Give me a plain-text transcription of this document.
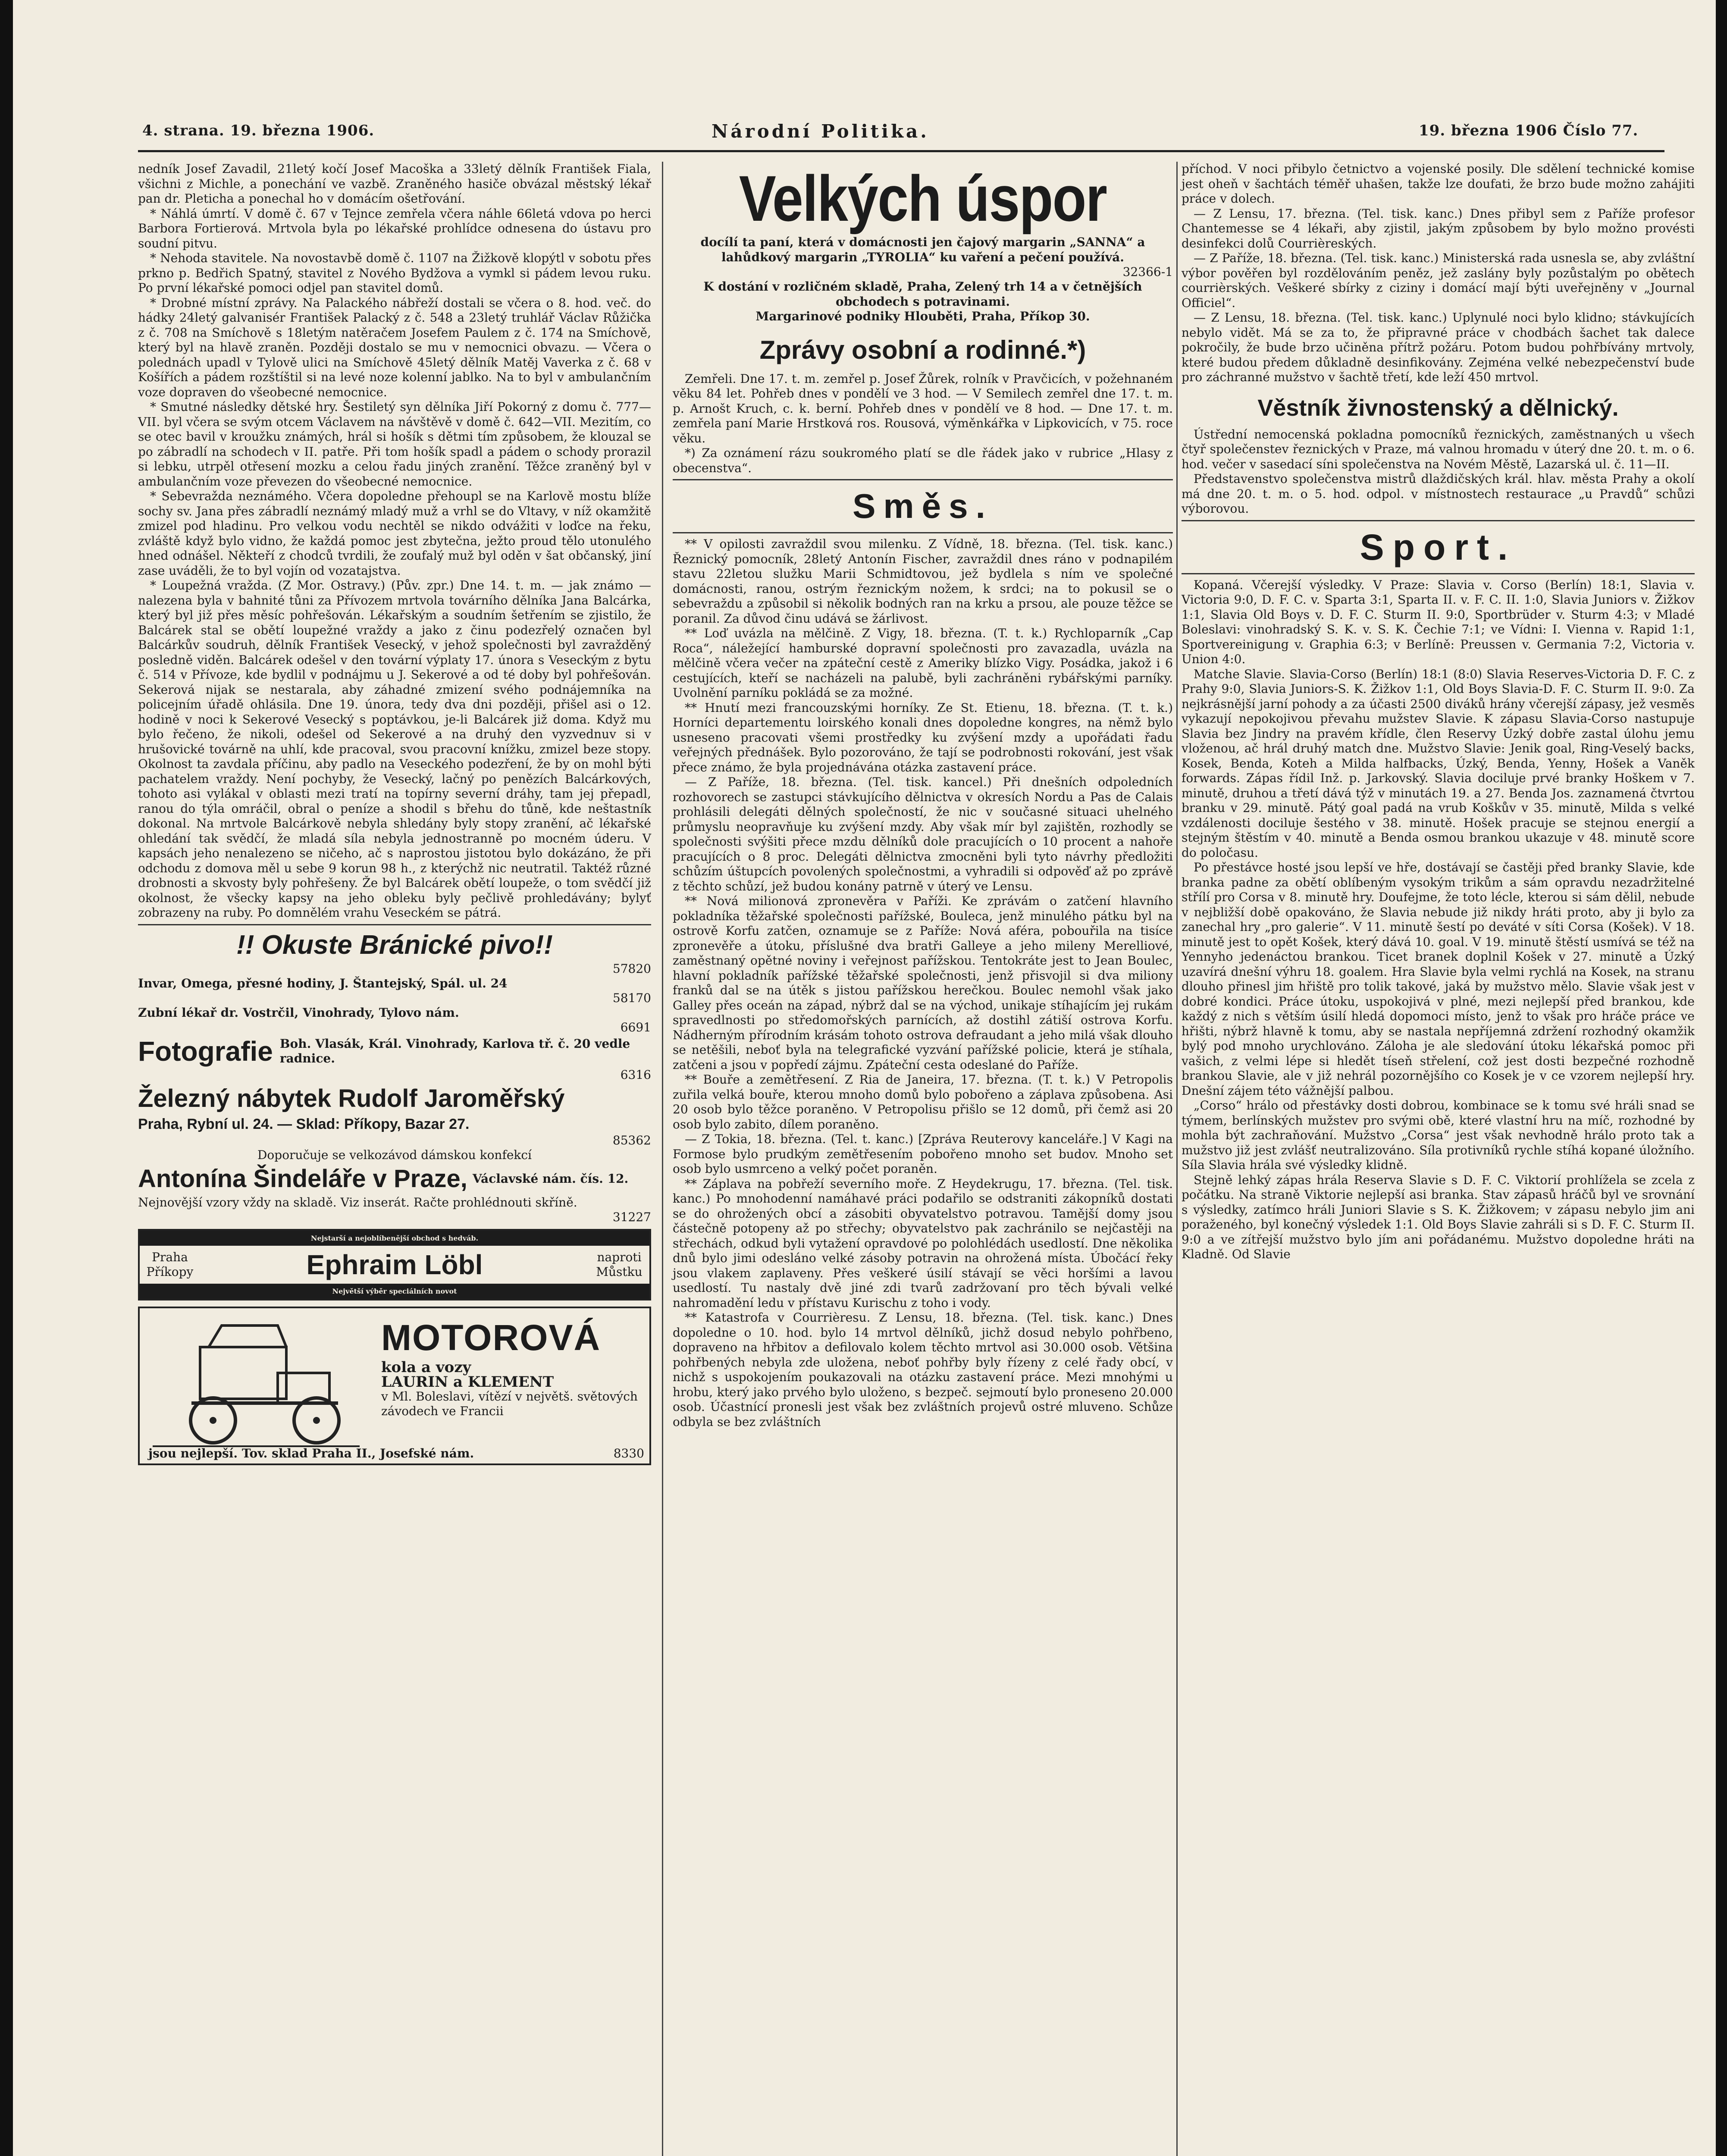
4. strana. 19. března 1906.	Národní Politika.	19. března 1906 Číslo 77.

nedník Josef Zavadil, 21letý kočí Josef Macoška a 33letý dělník František Fiala, všichni z Michle, a ponechání ve vazbě. Zraněného hasiče obvázal městský lékař pan dr. Pleticha a ponechal ho v domácím ošetřování.

* Náhlá úmrtí. V domě č. 67 v Tejnce zemřela včera náhle 66letá vdova po herci Barbora Fortierová. Mrtvola byla po lékařské prohlídce odnesena do ústavu pro soudní pitvu.

* Nehoda stavitele. Na novostavbě domě č. 1107 na Žižkově klopýtl v sobotu přes prkno p. Bedřich Spatný, stavitel z Nového Bydžova a vymkl si pádem levou ruku. Po první lékařské pomoci odjel pan stavitel domů.

* Drobné místní zprávy. Na Palackého nábřeží dostali se včera o 8. hod. več. do hádky 24letý galvanisér František Palacký z č. 548 a 23letý truhlář Václav Růžička z č. 708 na Smíchově s 18letým natěračem Josefem Paulem z č. 174 na Smíchově, který byl na hlavě zraněn. Později dostalo se mu v nemocnici obvazu. — Včera o polednách upadl v Tylově ulici na Smíchově 45letý dělník Matěj Vaverka z č. 68 v Košířích a pádem rozštíštil si na levé noze kolenní jablko. Na to byl v ambulančním voze dopraven do všeobecné nemocnice.

* Smutné následky dětské hry. Šestiletý syn dělníka Jiří Pokorný z domu č. 777—VII. byl včera se svým otcem Václavem na návštěvě v domě č. 642—VII. Mezitím, co se otec bavil v kroužku známých, hrál si hošík s dětmi tím způsobem, že klouzal se po zábradlí na schodech v II. patře. Při tom hošík spadl a pádem o schody prorazil si lebku, utrpěl otřesení mozku a celou řadu jiných zranění. Těžce zraněný byl v ambulančním voze převezen do všeobecné nemocnice.

* Sebevražda neznámého. Včera dopoledne přehoupl se na Karlově mostu blíže sochy sv. Jana přes zábradlí neznámý mladý muž a vrhl se do Vltavy, v níž okamžitě zmizel pod hladinu. Pro velkou vodu nechtěl se nikdo odvážiti v loďce na řeku, zvláště když bylo vidno, že každá pomoc jest zbytečna, ježto proud tělo utonulého hned odnášel. Někteří z chodců tvrdili, že zoufalý muž byl oděn v šat občanský, jiní zase uváděli, že to byl vojín od vozatajstva.

* Loupežná vražda. (Z Mor. Ostravy.) (Pův. zpr.) Dne 14. t. m. — jak známo — nalezena byla v bahnité tůni za Přívozem mrtvola továrního dělníka Jana Balcárka, který byl již přes měsíc pohřešován. Lékařským a soudním šetřením se zjistilo, že Balcárek stal se obětí loupežné vraždy a jako z činu podezřelý označen byl Balcárkův soudruh, dělník František Vesecký, v jehož společnosti byl zavražděný posledně viděn. Balcárek odešel v den tovární výplaty 17. února s Veseckým z bytu č. 514 v Přívoze, kde bydlil v podnájmu u J. Sekerové a od té doby byl pohřešován. Sekerová nijak se nestarala, aby záhadné zmizení svého podnájemníka na policejním úřadě ohlásila. Dne 19. února, tedy dva dni později, přišel asi o 12. hodině v noci k Sekerové Vesecký s poptávkou, je-li Balcárek již doma. Když mu bylo řečeno, že nikoli, odešel od Sekerové a na druhý den vyzvednuv si v hrušovické továrně na uhlí, kde pracoval, svou pracovní knížku, zmizel beze stopy. Okolnost ta zavdala příčinu, aby padlo na Veseckého podezření, že by on mohl býti pachatelem vraždy. Není pochyby, že Vesecký, lačný po penězích Balcárkových, tohoto asi vylákal v oblasti mezi tratí na topírny severní dráhy, tam jej přepadl, ranou do týla omráčil, obral o peníze a shodil s břehu do tůně, kde neštastník dokonal. Na mrtvole Balcárkově nebyla shledány byly stopy zranění, ač lékařské ohledání tak svědčí, že mladá síla nebyla jednostranně po mocném úderu. V kapsách jeho nenalezeno se ničeho, ač s naprostou jistotou bylo dokázáno, že při odchodu z domova měl u sebe 9 korun 98 h., z kterýchž nic neutratil. Taktéž různé drobnosti a skvosty byly pohřešeny. Že byl Balcárek obětí loupeže, o tom svědčí již okolnost, že všecky kapsy na jeho obleku byly pečlivě prohledávány; bylyť zobrazeny na ruby. Po domnělém vrahu Veseckém se pátrá.

!! Okuste Bránické pivo!!
57820
Invar, Omega, přesné hodiny, J. Štantejský, Spál. ul. 24
58170
Zubní lékař dr. Vostrčil, Vinohrady, Tylovo nám.
6691
Fotografie Boh. Vlasák, Král. Vinohrady, Karlova tř. č. 20 vedle radnice.
6316
Železný nábytek Rudolf Jaroměřský
Praha, Rybní ul. 24. — Sklad: Příkopy, Bazar 27.
85362
Doporučuje se velkozávod dámskou konfekcí
Antonína Šindeláře v Praze, Václavské nám. čís. 12.
Nejnovější vzory vždy na skladě. Viz inserát. Račte prohlédnouti skříně.
31227
Nejstarší a nejoblíbenější obchod s hedváb.
Praha Příkopy	Ephraim Löbl	naproti Můstku
Největší výběr speciálních novot
MOTOROVÁ
kola a vozy
LAURIN a KLEMENT
v Ml. Boleslavi, vítězí v největš. světových závodech ve Francii
jsou nejlepší. Tov. sklad Praha II., Josefské nám.	8330
Velkých úspor
docílí ta paní, která v domácnosti jen čajový margarin „SANNA“ a lahůdkový margarin „TYROLIA“ ku vaření a pečení používá.
32366-1
K dostání v rozličném skladě, Praha, Zelený trh 14 a v četnějších obchodech s potravinami.
Margarinové podniky Hlouběti, Praha, Příkop 30.
Zprávy osobní a rodinné.*)

Zemřeli. Dne 17. t. m. zemřel p. Josef Žůrek, rolník v Pravčicích, v požehnaném věku 84 let. Pohřeb dnes v pondělí ve 3 hod. — V Semilech zemřel dne 17. t. m. p. Arnošt Kruch, c. k. berní. Pohřeb dnes v pondělí ve 8 hod. — Dne 17. t. m. zemřela paní Marie Hrstková ros. Rousová, výměnkářka v Lipkovicích, v 75. roce věku.

*) Za oznámení rázu soukromého platí se dle řádek jako v rubrice „Hlasy z obecenstva“.

Směs.

** V opilosti zavraždil svou milenku. Z Vídně, 18. března. (Tel. tisk. kanc.) Řeznický pomocník, 28letý Antonín Fischer, zavraždil dnes ráno v podnapilém stavu 22letou služku Marii Schmidtovou, jež bydlela s ním ve společné domácnosti, ranou, ostrým řeznickým nožem, k srdci; na to pokusil se o sebevraždu a způsobil si několik bodných ran na krku a prsou, ale pouze těžce se poranil. Za důvod činu udává se žárlivost.

** Loď uvázla na mělčině. Z Vigy, 18. března. (T. t. k.) Rychloparník „Cap Roca“, náležející hamburské dopravní společnosti pro zavazadla, uvázla na mělčině včera večer na zpáteční cestě z Ameriky blízko Vigy. Posádka, jakož i 6 cestujících, kteří se nacházeli na palubě, byli zachráněni rybářskými parníky. Uvolnění parníku pokládá se za možné.

** Hnutí mezi francouzskými horníky. Ze St. Etienu, 18. března. (T. t. k.) Horníci departementu loirského konali dnes dopoledne kongres, na němž bylo usneseno pracovati všemi prostředky ku zvýšení mzdy a upořádati řadu veřejných přednášek. Bylo pozorováno, že tají se podrobnosti rokování, jest však přece známo, že byla projednávána otázka zastavení práce.

— Z Paříže, 18. března. (Tel. tisk. kancel.) Při dnešních odpoledních rozhovorech se zastupci stávkujícího dělnictva v okresích Nordu a Pas de Calais prohlásili delegáti dělných společností, že nic v současné situaci uhelného průmyslu neopravňuje ku zvýšení mzdy. Aby však mír byl zajištěn, rozhodly se společnosti svýšiti přece mzdu dělníků dole pracujících o 10 procent a nahoře pracujících o 8 proc. Delegáti dělnictva zmocněni byli tyto návrhy předložiti schůzím úštupcích povolených společnostmi, a vyhradili si odpověď až po zprávě z těchto schůzí, jež budou konány patrně v úterý ve Lensu.

** Nová milionová zpronevěra v Paříži. Ke zprávám o zatčení hlavního pokladníka těžařské společnosti pařížské, Bouleca, jenž minulého pátku byl na ostrově Korfu zatčen, oznamuje se z Paříže: Nová aféra, pobouřila na tisíce zpronevěře a útoku, příslušné dva bratři Galleye a jeho mileny Merelliové, zaměstnaný opětné noviny i veřejnost pařížskou. Tentokráte jest to Jean Boulec, hlavní pokladník pařížské těžařské společnosti, jenž přisvojil si dva miliony franků dal se na útěk s jistou pařížskou herečkou. Boulec nemohl však jako Galley přes oceán na západ, nýbrž dal se na východ, unikaje stíhajícím jej rukám spravedlnosti po středomořských parnících, až dostihl zátiší ostrova Korfu. Nádherným přírodním krásám tohoto ostrova defraudant a jeho milá však dlouho se netěšili, neboť byla na telegrafické vyzvání pařížské policie, která je stíhala, zatčeni a jsou v popředí zájmu. Zpáteční cesta odeslané do Paříže.

** Bouře a zemětřesení. Z Ria de Janeira, 17. března. (T. t. k.) V Petropolis zuřila velká bouře, kterou mnoho domů bylo pobořeno a záplava způsobena. Asi 20 osob bylo těžce poraněno. V Petropolisu přišlo se 12 domů, při čemž asi 20 osob bylo zabito, dílem poraněno.

— Z Tokia, 18. března. (Tel. t. kanc.) [Zpráva Reuterovy kanceláře.] V Kagi na Formose bylo prudkým zemětřesením pobořeno mnoho set budov. Mnoho set osob bylo usmrceno a velký počet poraněn.

** Záplava na pobřeží severního moře. Z Heydekrugu, 17. března. (Tel. tisk. kanc.) Po mnohodenní namáhavé práci podařilo se odstraniti zákopníků dostati se do ohrožených obcí a zásobiti obyvatelstvo potravou. Tamější domy jsou částečně potopeny až po střechy; obyvatelstvo pak zachránilo se nejčastěji na střechách, odkud byli vytažení opravdové po polohlédách usedlostí. Dne několika dnů bylo jimi odesláno velké zásoby potravin na ohrožená místa. Úbočácí řeky jsou vlakem zaplaveny. Přes veškeré úsilí stávají se věci horšími a lavou usedlostí. Tu nastaly dvě jiné zdi tvarů zadržovaní pro těch bývali velké nahromadění ledu v přístavu Kurischu z toho i vody.

** Katastrofa v Courrièresu. Z Lensu, 18. března. (Tel. tisk. kanc.) Dnes dopoledne o 10. hod. bylo 14 mrtvol dělníků, jichž dosud nebylo pohřbeno, dopraveno na hřbitov a defilovalo kolem těchto mrtvol asi 30.000 osob. Většina pohřbených nebyla zde uložena, neboť pohřby byly řízeny z celé řady obcí, v nichž s uspokojením poukazovali na otázku zastavení práce. Mezi mnohými u hrobu, který jako prvého bylo uloženo, s bezpeč. sejmoutí bylo proneseno 20.000 osob. Účastnící pronesli jest však bez zvláštních projevů ostré mluveno. Schůze odbyla se bez zvláštních

příchod. V noci přibylo četnictvo a vojenské posily. Dle sdělení technické komise jest oheň v šachtách téměř uhašen, takže lze doufati, že brzo bude možno zahájiti práce v dolech.

— Z Lensu, 17. března. (Tel. tisk. kanc.) Dnes přibyl sem z Paříže profesor Chantemesse se 4 lékaři, aby zjistil, jakým způsobem by bylo možno provésti desinfekci dolů Courrièreských.

— Z Paříže, 18. března. (Tel. tisk. kanc.) Ministerská rada usnesla se, aby zvláštní výbor pověřen byl rozdělováním peněz, jež zaslány byly pozůstalým po obětech courrièrských. Veškeré sbírky z ciziny i domácí mají býti uveřejněny v „Journal Officiel“.

— Z Lensu, 18. března. (Tel. tisk. kanc.) Uplynulé noci bylo klidno; stávkujících nebylo vidět. Má se za to, že připravné práce v chodbách šachet tak dalece pokročily, že bude brzo učiněna přítrž požáru. Potom budou pohřbívány mrtvoly, které budou předem důkladně desinfikovány. Zejména velké nebezpečenství bude pro záchranné mužstvo v šachtě třetí, kde leží 450 mrtvol.

Věstník živnostenský a dělnický.

Ústřední nemocenská pokladna pomocníků řeznických, zaměstnaných u všech čtyř společenstev řeznických v Praze, má valnou hromadu v úterý dne 20. t. m. o 6. hod. večer v sasedací síni společenstva na Novém Městě, Lazarská ul. č. 11—II.

Představenstvo společenstva mistrů dlaždičských král. hlav. města Prahy a okolí má dne 20. t. m. o 5. hod. odpol. v místnostech restaurace „u Pravdů“ schůzi výborovou.

Sport.

Kopaná. Včerejší výsledky. V Praze: Slavia v. Corso (Berlín) 18:1, Slavia v. Victoria 9:0, D. F. C. v. Sparta 3:1, Sparta II. v. F. C. II. 1:0, Slavia Juniors v. Žižkov 1:1, Slavia Old Boys v. D. F. C. Sturm II. 9:0, Sportbrüder v. Sturm 4:3; v Mladé Boleslavi: vinohradský S. K. v. S. K. Čechie 7:1; ve Vídni: I. Vienna v. Rapid 1:1, Sportvereinigung v. Graphia 6:3; v Berlíně: Preussen v. Germania 7:2, Victoria v. Union 4:0.

Matche Slavie. Slavia-Corso (Berlín) 18:1 (8:0) Slavia Reserves-Victoria D. F. C. z Prahy 9:0, Slavia Juniors-S. K. Žižkov 1:1, Old Boys Slavia-D. F. C. Sturm II. 9:0. Za nejkrásnější jarní pohody a za účasti 2500 diváků hrány včerejší zápasy, jež vesměs vykazují nepokojivou převahu mužstev Slavie. K zápasu Slavia-Corso nastupuje Slavia bez Jindry na pravém křídle, člen Reservy Úzký dobře zastal úlohu jemu vloženou, ač hrál druhý match dne. Mužstvo Slavie: Jenik goal, Ring-Veselý backs, Kosek, Benda, Koteh a Milda halfbacks, Úzký, Benda, Yenny, Hošek a Vaněk forwards. Zápas řídil Inž. p. Jarkovský. Slavia dociluje prvé branky Hoškem v 7. minutě, druhou a třetí dává týž v minutách 19. a 27. Benda Jos. zaznamená čtvrtou branku v 29. minutě. Pátý goal padá na vrub Koškův v 35. minutě, Milda s velké vzdálenosti dociluje šestého v 38. minutě. Hošek pracuje se stejnou energií a stejným štěstím v 40. minutě a Benda osmou brankou ukazuje v 48. minutě score do poločasu.

Po přestávce hosté jsou lepší ve hře, dostávají se častěji před branky Slavie, kde branka padne za obětí oblíbeným vysokým trikům a sám opravdu nezadržitelné střílí pro Corsa v 8. minutě hry. Doufejme, že toto lécle, kterou si sám dělil, nebude v nejbližší době opakováno, že Slavia nebude již nikdy hráti proto, aby ji bylo za zanechal hry „pro galerie“. V 11. minutě šestí po deváté v síti Corsa (Košek). V 18. minutě jest to opět Košek, který dává 10. goal. V 19. minutě štěstí usmívá se též na Yennyho jedenáctou brankou. Ticet branek doplnil Košek v 27. minutě a Úzký uzavírá dnešní výhru 18. goalem. Hra Slavie byla velmi rychlá na Kosek, na stranu dlouho přinesl jim hřiště pro tolik takové, jaká by mužstvo mělo. Slavie však jest v dobré kondici. Práce útoku, uspokojivá v plné, mezi nejlepší před brankou, kde každý z nich s větším úsilí hledá dopomoci místo, jenž to však pro hráče práce ve hřišti, nýbrž hlavně k tomu, aby se nastala nepříjemná zdržení rozhodný okamžik bylý pod mnoho urychlováno. Záloha je ale sledování útoku lékařská pomoc při vašich, z velmi lépe si hledět tíseň střelení, což jest dosti bezpečné rozhodně brankou Slavie, ale v již nehrál pozornějšího co Kosek je v ce vzorem nejlepší hry. Dnešní zájem této vážnější palbou.

„Corso“ hrálo od přestávky dosti dobrou, kombinace se k tomu své hráli snad se týmem, berlínských mužstev pro svými obě, které vlastní hru na míč, rozhodné by mohla být zachraňování. Mužstvo „Corsa“ jest však nevhodně hrálo proto tak a mužstvo již jest zvlášť neutralizováno. Síla protivníků rychle stíhá kopané úložního. Síla Slavia hrála své výsledky klidně.

Stejně lehký zápas hrála Reserva Slavie s D. F. C. Viktorií prohlížela se zcela z počátku. Na straně Viktorie nejlepší asi branka. Stav zápasů hráčů byl ve srovnání s výsledky, zatímco hráli Juniori Slavie s S. K. Žižkovem; v zápasu nebylo jim ani poraženého, byl konečný výsledek 1:1. Old Boys Slavie zahráli si s D. F. C. Sturm II. 9:0 a ve zítřejší mužstvo bylo jím ani pořádanému. Mužstvo dopoledne hráti na Kladně. Od Slavie
